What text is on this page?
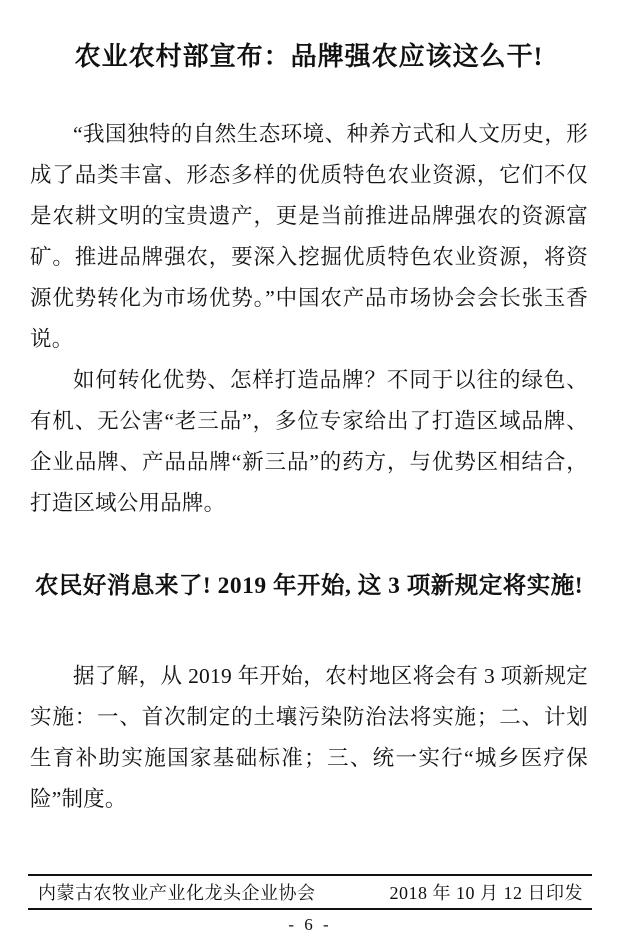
农业农村部宣布：品牌强农应该这么干!

“我国独特的自然生态环境、种养方式和人文历史，形成了品类丰富、形态多样的优质特色农业资源，它们不仅是农耕文明的宝贵遗产，更是当前推进品牌强农的资源富矿。推进品牌强农，要深入挖掘优质特色农业资源，将资源优势转化为市场优势。”中国农产品市场协会会长张玉香说。

如何转化优势、怎样打造品牌？不同于以往的绿色、有机、无公害“老三品”，多位专家给出了打造区域品牌、企业品牌、产品品牌“新三品”的药方，与优势区相结合，打造区域公用品牌。

农民好消息来了! 2019 年开始, 这 3 项新规定将实施!

据了解，从 2019 年开始，农村地区将会有 3 项新规定实施：一、首次制定的土壤污染防治法将实施；二、计划生育补助实施国家基础标准；三、统一实行“城乡医疗保险”制度。

内蒙古农牧业产业化龙头企业协会	2018 年 10 月 12 日印发
- 6 -
